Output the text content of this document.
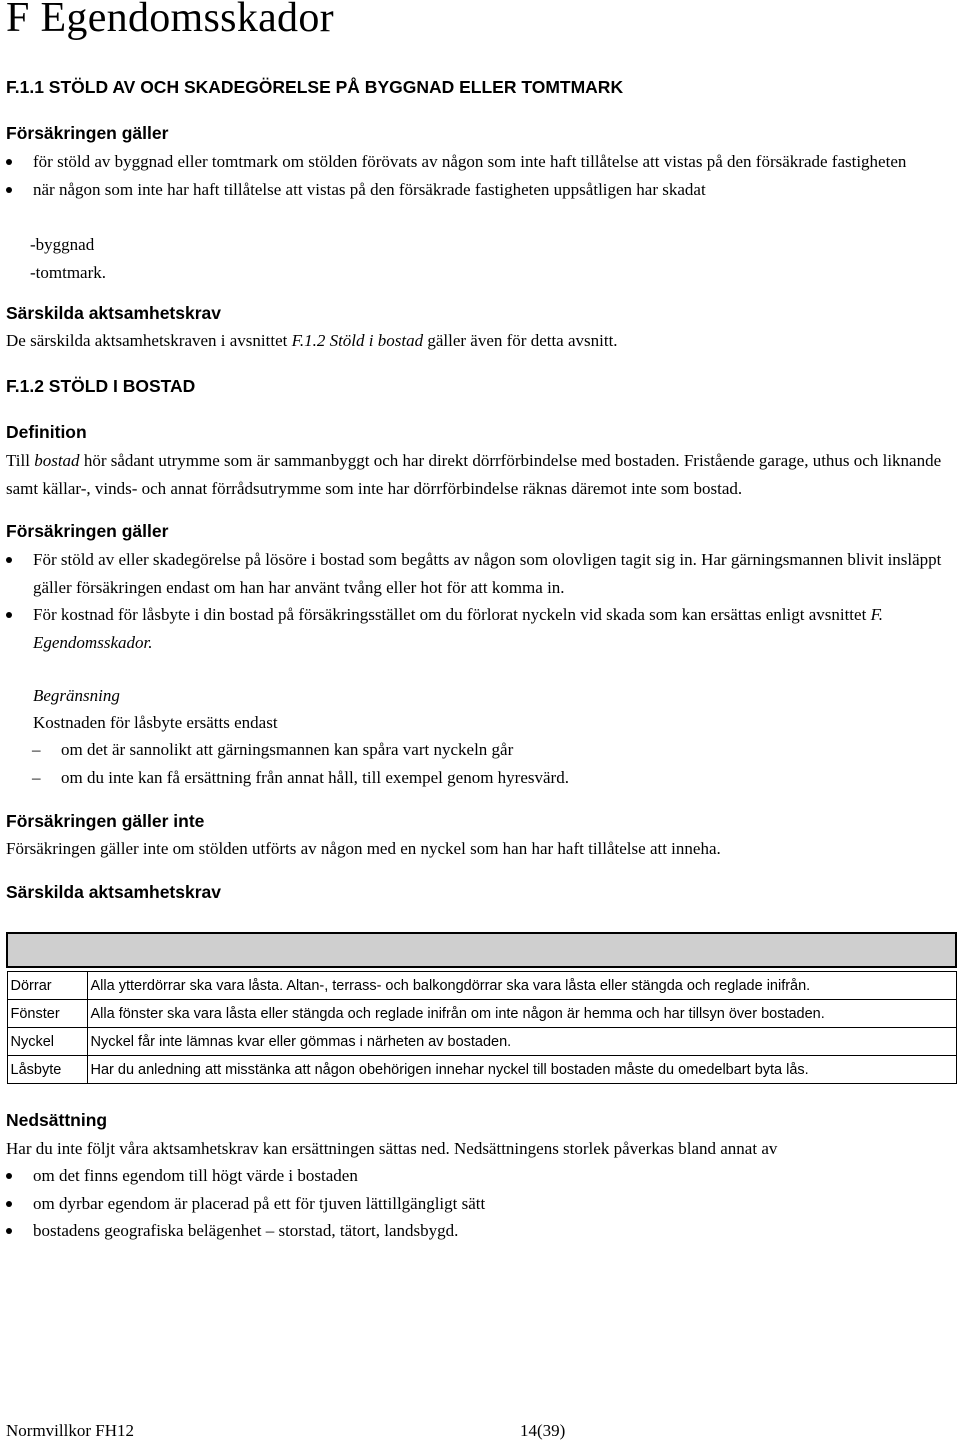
F Egendomsskador
F.1.1 STÖLD AV OCH SKADEGÖRELSE PÅ BYGGNAD ELLER TOMTMARK
Försäkringen gäller
för stöld av byggnad eller tomtmark om stölden förövats av någon som inte haft tillåtelse att vistas på den försäkrade fastigheten
när någon som inte har haft tillåtelse att vistas på den försäkrade fastigheten uppsåtligen har skadat
-byggnad
-tomtmark.
Särskilda aktsamhetskrav

De särskilda aktsamhetskraven i avsnittet F.1.2 Stöld i bostad gäller även för detta avsnitt.

F.1.2 STÖLD I BOSTAD
Definition

Till bostad hör sådant utrymme som är sammanbyggt och har direkt dörrförbindelse med bostaden. Fristående garage, uthus och liknande samt källar-, vinds- och annat förrådsutrymme som inte har dörrförbindelse räknas däremot inte som bostad.

Försäkringen gäller
För stöld av eller skadegörelse på lösöre i bostad som begåtts av någon som olovligen tagit sig in. Har gärningsmannen blivit insläppt gäller försäkringen endast om han har använt tvång eller hot för att komma in.
För kostnad för låsbyte i din bostad på försäkringsstället om du förlorat nyckeln vid skada som kan ersättas enligt avsnittet F. Egendomsskador.

Begränsning

Kostnaden för låsbyte ersätts endast

– om det är sannolikt att gärningsmannen kan spåra vart nyckeln går
– om du inte kan få ersättning från annat håll, till exempel genom hyresvärd.
Försäkringen gäller inte

Försäkringen gäller inte om stölden utförts av någon med en nyckel som han har haft tillåtelse att inneha.

Särskilda aktsamhetskrav

Dörrar	Alla ytterdörrar ska vara låsta. Altan-, terrass- och balkongdörrar ska vara låsta eller stängda och reglade inifrån.
Fönster	Alla fönster ska vara låsta eller stängda och reglade inifrån om inte någon är hemma och har tillsyn över bostaden.
Nyckel	Nyckel får inte lämnas kvar eller gömmas i närheten av bostaden.
Låsbyte	Har du anledning att misstänka att någon obehörigen innehar nyckel till bostaden måste du omedelbart byta lås.
Nedsättning

Har du inte följt våra aktsamhetskrav kan ersättningen sättas ned. Nedsättningens storlek påverkas bland annat av

om det finns egendom till högt värde i bostaden
om dyrbar egendom är placerad på ett för tjuven lättillgängligt sätt
bostadens geografiska belägenhet – storstad, tätort, landsbygd.
Normvillkor FH12	14(39)
